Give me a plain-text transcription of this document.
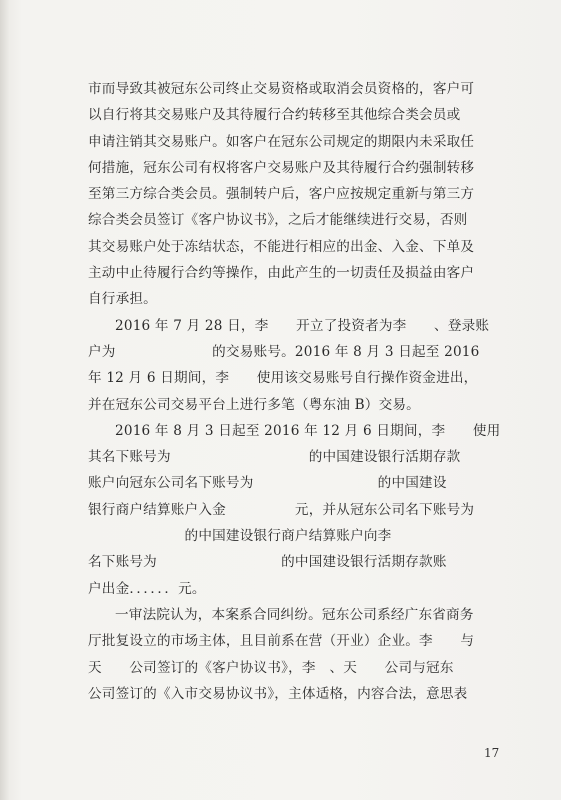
市而导致其被冠东公司终止交易资格或取消会员资格的，客户可
以自行将其交易账户及其待履行合约转移至其他综合类会员或
申请注销其交易账户。如客户在冠东公司规定的期限内未采取任
何措施，冠东公司有权将客户交易账户及其待履行合约强制转移
至第三方综合类会员。强制转户后，客户应按规定重新与第三方
综合类会员签订《客户协议书》，之后才能继续进行交易，否则
其交易账户处于冻结状态，不能进行相应的出金、入金、下单及
主动中止待履行合约等操作，由此产生的一切责任及损益由客户
自行承担。
2016 年 7 月 28 日，李　　开立了投资者为李　　、登录账
户为　　　　　　　的交易账号。2016 年 8 月 3 日起至 2016
年 12 月 6 日期间，李　　使用该交易账号自行操作资金进出，
并在冠东公司交易平台上进行多笔（粤东油 B）交易。
2016 年 8 月 3 日起至 2016 年 12 月 6 日期间，李　　使用
其名下账号为　　　　　　　　　　的中国建设银行活期存款
账户向冠东公司名下账号为　　　　　　　　　的中国建设
银行商户结算账户入金　　　　　元，并从冠东公司名下账号为
　　　　　　　的中国建设银行商户结算账户向李
名下账号为　　　　　　　　　的中国建设银行活期存款账
户出金．．．．．．元。
一审法院认为，本案系合同纠纷。冠东公司系经广东省商务
厅批复设立的市场主体，且目前系在营（开业）企业。李　　与
天　　公司签订的《客户协议书》，李　、天　　公司与冠东
公司签订的《入市交易协议书》，主体适格，内容合法，意思表
17
